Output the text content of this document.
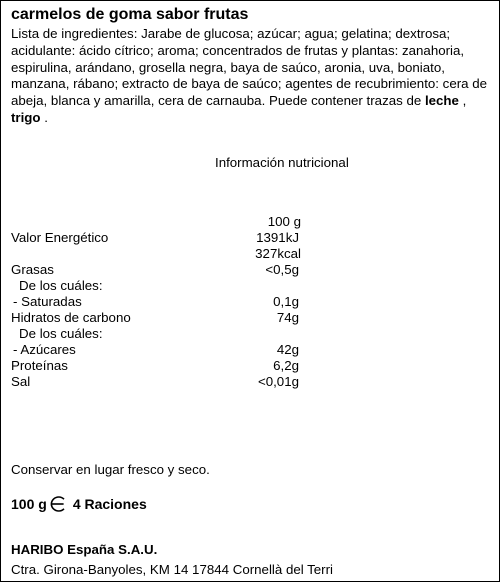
carmelos de goma sabor frutas
Lista de ingredientes: Jarabe de glucosa; azúcar; agua; gelatina; dextrosa; acidulante: ácido cítrico; aroma; concentrados de frutas y plantas: zanahoria, espirulina, arándano, grosella negra, baya de saúco, aronia, uva, boniato, manzana, rábano; extracto de baya de saúco; agentes de recubrimiento: cera de abeja, blanca y amarilla, cera de carnauba. Puede contener trazas de leche ,
trigo .
Información nutricional
100 g
Valor Energético	1391kJ
327kcal
Grasas	<0,5g
De los cuáles:
- Saturadas	0,1g
Hidratos de carbono	74g
De los cuáles:
- Azúcares	42g
Proteínas	6,2g
Sal	<0,01g
Conservar en lugar fresco y seco.
100 g 4 Raciones
HARIBO España S.A.U.
Ctra. Girona-Banyoles, KM 14 17844 Cornellà del Terri
